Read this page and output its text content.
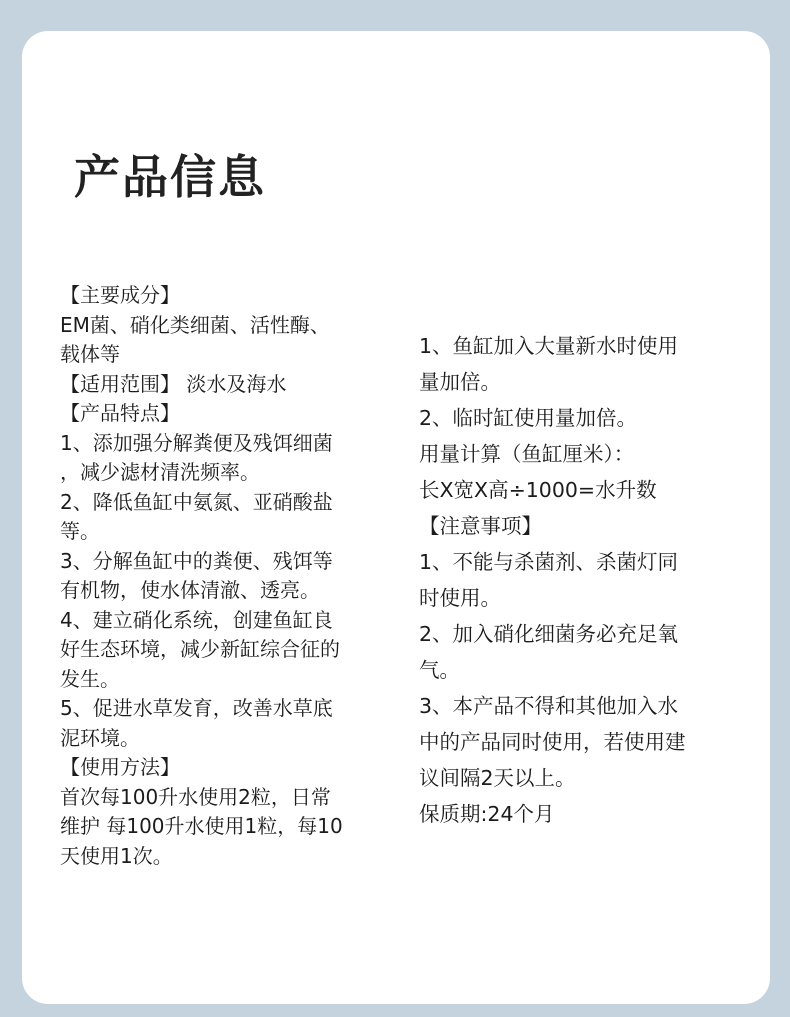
产品信息
【主要成分】
EM菌、硝化类细菌、活性酶、
载体等
【适用范围】 淡水及海水
【产品特点】
1、添加强分解粪便及残饵细菌
，减少滤材清洗频率。
2、降低鱼缸中氨氮、亚硝酸盐
等。
3、分解鱼缸中的粪便、残饵等
有机物，使水体清澈、透亮。
4、建立硝化系统，创建鱼缸良
好生态环境，减少新缸综合征的
发生。
5、促进水草发育，改善水草底
泥环境。
【使用方法】
首次每100升水使用2粒，日常
维护 每100升水使用1粒，每10
天使用1次。
1、鱼缸加入大量新水时使用
量加倍。
2、临时缸使用量加倍。
用量计算（鱼缸厘米）：
长X宽X高÷1000=水升数
【注意事项】
1、不能与杀菌剂、杀菌灯同
时使用。
2、加入硝化细菌务必充足氧
气。
3、本产品不得和其他加入水
中的产品同时使用，若使用建
议间隔2天以上。
保质期:24个月
